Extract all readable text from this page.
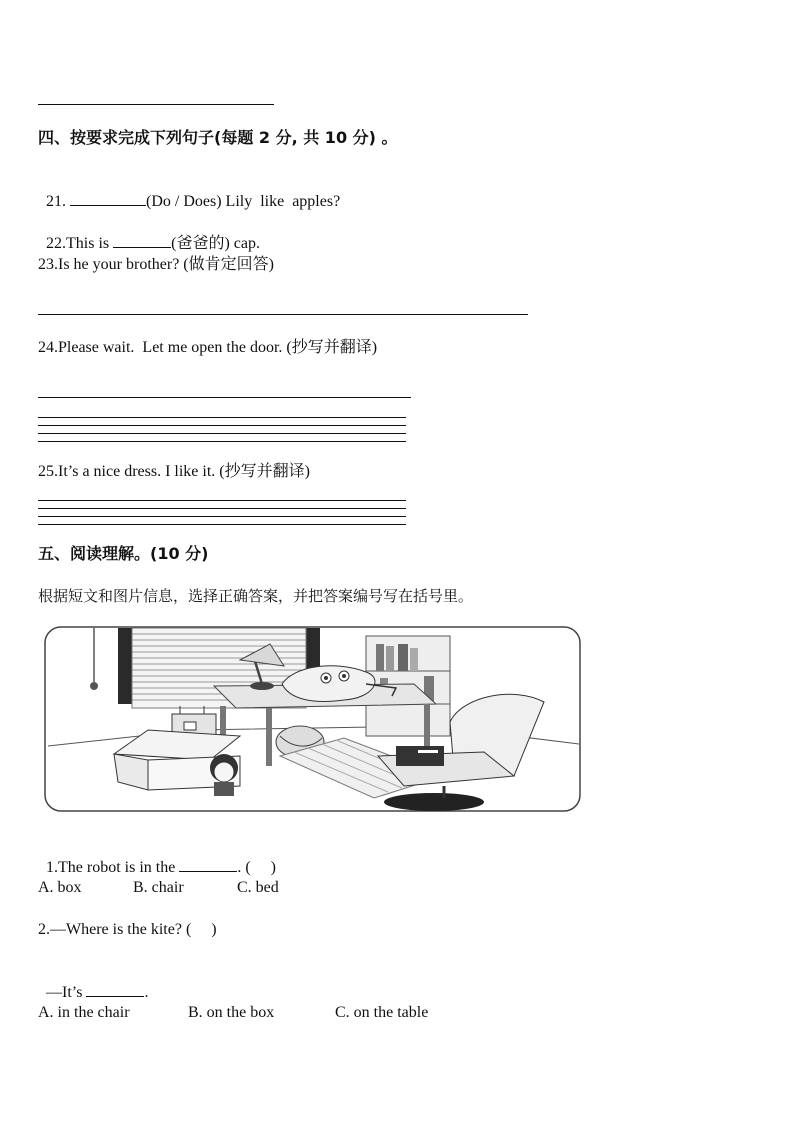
四、按要求完成下列句子(每题 2 分, 共 10 分) 。

21.	(Do / Does) Lily  like  apples?

22.This is	(爸爸的) cap.

23.Is he your brother? (做肯定回答)
24.Please wait.  Let me open the door. (抄写并翻译)
25.It’s a nice dress. I like it. (抄写并翻译)
五、阅读理解。(10 分)
根据短文和图片信息，选择正确答案，并把答案编号写在括号里。

1.The robot is in the	. (     )

A. box	B. chair	C. bed
2.—Where is the kite? (     )

—It’s	.

A. in the chair	B. on the box	C. on the table
